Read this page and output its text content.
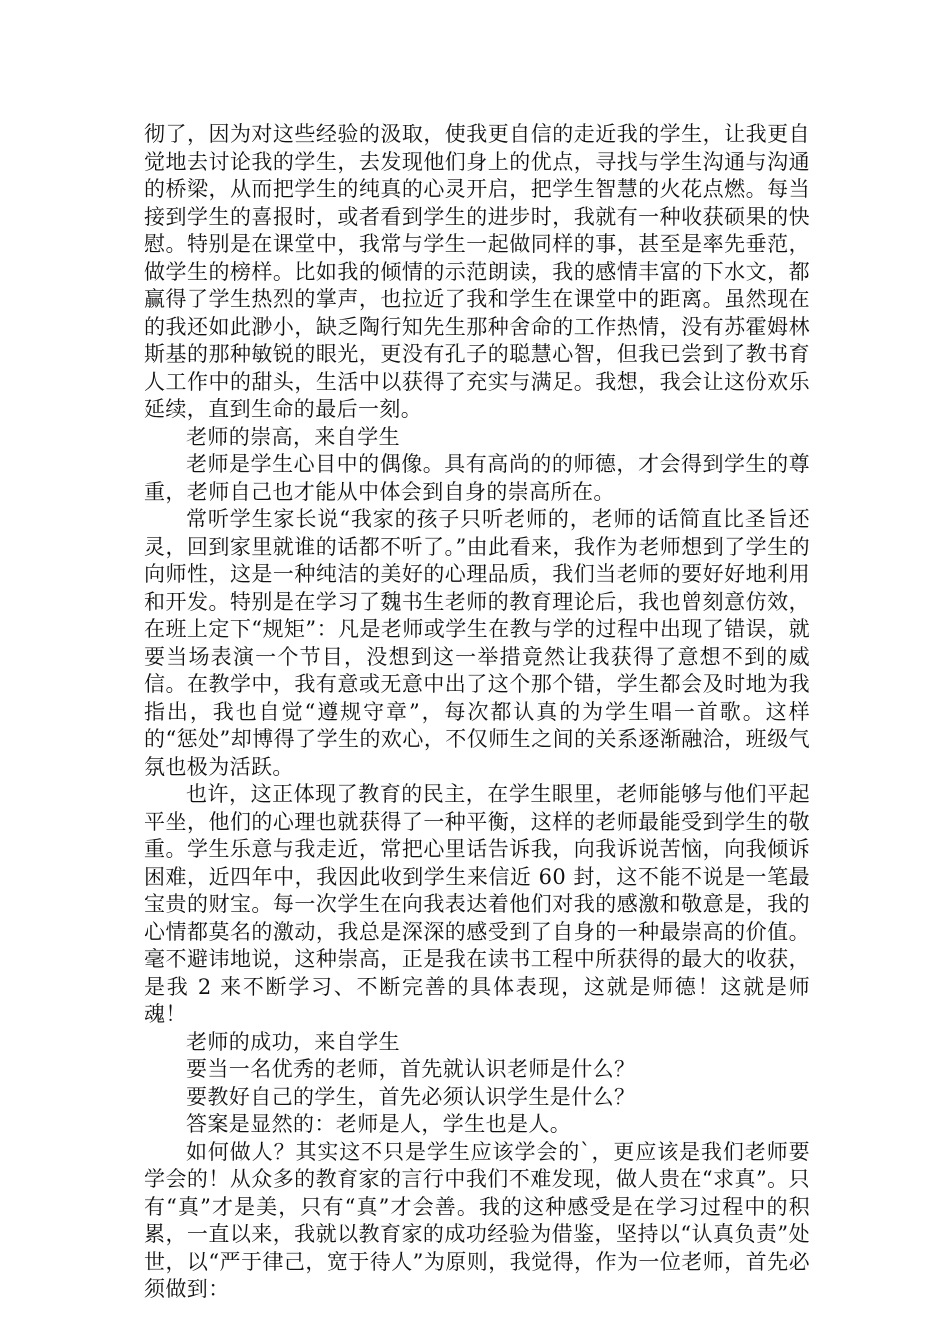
彻了，因为对这些经验的汲取，使我更自信的走近我的学生，让我更自觉地去讨论我的学生，去发现他们身上的优点，寻找与学生沟通与沟通的桥梁，从而把学生的纯真的心灵开启，把学生智慧的火花点燃。每当接到学生的喜报时，或者看到学生的进步时，我就有一种收获硕果的快慰。特别是在课堂中，我常与学生一起做同样的事，甚至是率先垂范，做学生的榜样。比如我的倾情的示范朗读，我的感情丰富的下水文，都赢得了学生热烈的掌声，也拉近了我和学生在课堂中的距离。虽然现在的我还如此渺小，缺乏陶行知先生那种舍命的工作热情，没有苏霍姆林斯基的那种敏锐的眼光，更没有孔子的聪慧心智，但我已尝到了教书育人工作中的甜头，生活中以获得了充实与满足。我想，我会让这份欢乐延续，直到生命的最后一刻。

老师的崇高，来自学生

老师是学生心目中的偶像。具有高尚的的师德，才会得到学生的尊重，老师自己也才能从中体会到自身的崇高所在。

常听学生家长说“我家的孩子只听老师的，老师的话简直比圣旨还灵，回到家里就谁的话都不听了。”由此看来，我作为老师想到了学生的向师性，这是一种纯洁的美好的心理品质，我们当老师的要好好地利用和开发。特别是在学习了魏书生老师的教育理论后，我也曾刻意仿效，在班上定下“规矩”：凡是老师或学生在教与学的过程中出现了错误，就要当场表演一个节目，没想到这一举措竟然让我获得了意想不到的威信。在教学中，我有意或无意中出了这个那个错，学生都会及时地为我指出，我也自觉“遵规守章”，每次都认真的为学生唱一首歌。这样的“惩处”却博得了学生的欢心，不仅师生之间的关系逐渐融洽，班级气氛也极为活跃。

也许，这正体现了教育的民主，在学生眼里，老师能够与他们平起平坐，他们的心理也就获得了一种平衡，这样的老师最能受到学生的敬重。学生乐意与我走近，常把心里话告诉我，向我诉说苦恼，向我倾诉困难，近四年中，我因此收到学生来信近 60 封，这不能不说是一笔最宝贵的财宝。每一次学生在向我表达着他们对我的感激和敬意是，我的心情都莫名的激动，我总是深深的感受到了自身的一种最崇高的价值。毫不避讳地说，这种崇高，正是我在读书工程中所获得的最大的收获，是我 2 来不断学习、不断完善的具体表现，这就是师德！这就是师魂！

老师的成功，来自学生

要当一名优秀的老师，首先就认识老师是什么？

要教好自己的学生，首先必须认识学生是什么？

答案是显然的：老师是人，学生也是人。

如何做人？其实这不只是学生应该学会的`，更应该是我们老师要学会的！从众多的教育家的言行中我们不难发现，做人贵在“求真”。只有“真”才是美，只有“真”才会善。我的这种感受是在学习过程中的积累，一直以来，我就以教育家的成功经验为借鉴，坚持以“认真负责”处世，以“严于律己，宽于待人”为原则，我觉得，作为一位老师，首先必须做到：
